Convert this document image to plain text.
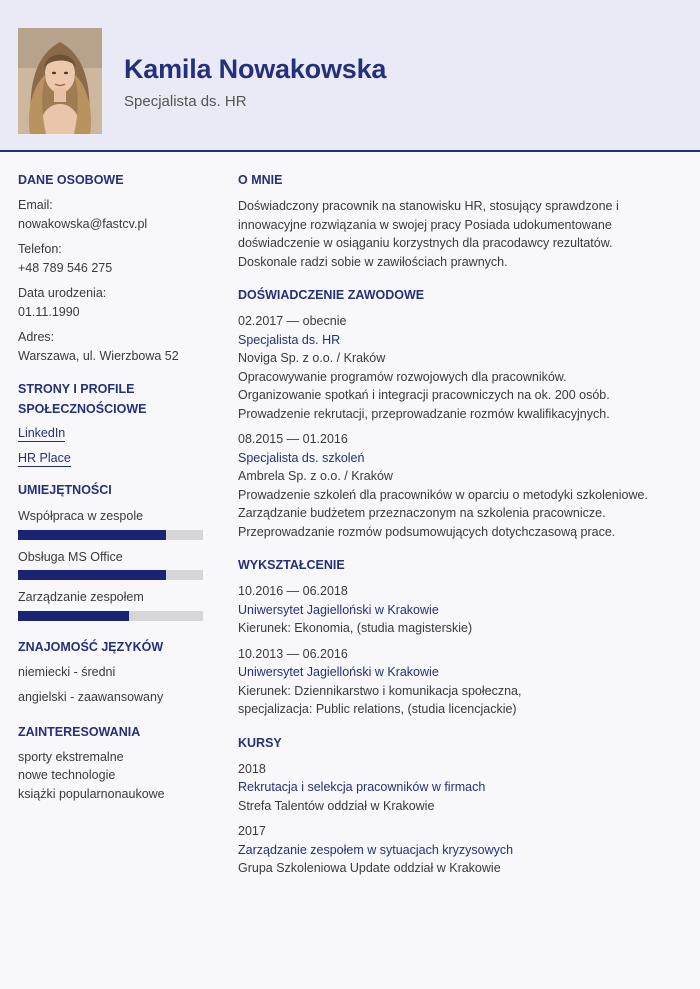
Kamila Nowakowska
Specjalista ds. HR
DANE OSOBOWE
Email:
nowakowska@fastcv.pl
Telefon:
+48 789 546 275
Data urodzenia:
01.11.1990
Adres:
Warszawa, ul. Wierzbowa 52
STRONY I PROFILE
SPOŁECZNOŚCIOWE
LinkedIn
HR Place
UMIEJĘTNOŚCI
Współpraca w zespole
Obsługa MS Office
Zarządzanie zespołem
ZNAJOMOŚĆ JĘZYKÓW
niemiecki - średni
angielski - zaawansowany
ZAINTERESOWANIA
sporty ekstremalne
nowe technologie
książki popularnonaukowe
O MNIE
Doświadczony pracownik na stanowisku HR, stosujący sprawdzone i
innowacyjne rozwiązania w swojej pracy Posiada udokumentowane
doświadczenie w osiąganiu korzystnych dla pracodawcy rezultatów.
Doskonale radzi sobie w zawiłościach prawnych.
DOŚWIADCZENIE ZAWODOWE
02.2017 — obecnie
Specjalista ds. HR
Noviga Sp. z o.o. / Kraków
Opracowywanie programów rozwojowych dla pracowników.
Organizowanie spotkań i integracji pracowniczych na ok. 200 osób.
Prowadzenie rekrutacji, przeprowadzanie rozmów kwalifikacyjnych.
08.2015 — 01.2016
Specjalista ds. szkoleń
Ambrela Sp. z o.o. / Kraków
Prowadzenie szkoleń dla pracowników w oparciu o metodyki szkoleniowe.
Zarządzanie budżetem przeznaczonym na szkolenia pracownicze.
Przeprowadzanie rozmów podsumowujących dotychczasową prace.
WYKSZTAŁCENIE
10.2016 — 06.2018
Uniwersytet Jagielloński w Krakowie
Kierunek: Ekonomia, (studia magisterskie)
10.2013 — 06.2016
Uniwersytet Jagielloński w Krakowie
Kierunek: Dziennikarstwo i komunikacja społeczna,
specjalizacja: Public relations, (studia licencjackie)
KURSY
2018
Rekrutacja i selekcja pracowników w firmach
Strefa Talentów oddział w Krakowie
2017
Zarządzanie zespołem w sytuacjach kryzysowych
Grupa Szkoleniowa Update oddział w Krakowie
